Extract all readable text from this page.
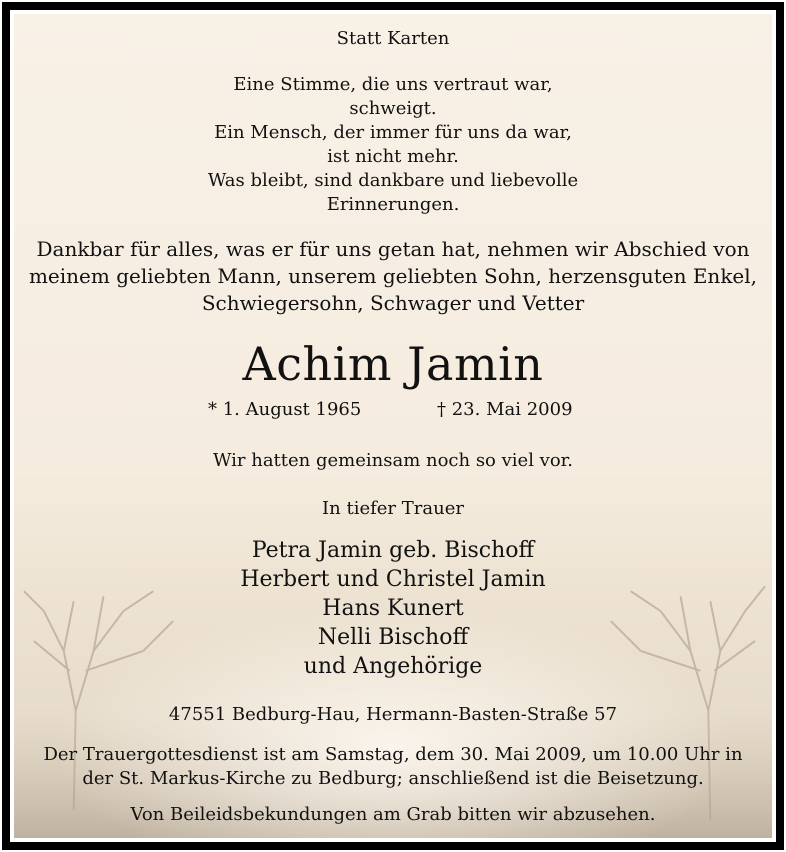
Statt Karten
Eine Stimme, die uns vertraut war,
schweigt.
Ein Mensch, der immer für uns da war,
ist nicht mehr.
Was bleibt, sind dankbare und liebevolle
Erinnerungen.
Dankbar für alles, was er für uns getan hat, nehmen wir Abschied von
meinem geliebten Mann, unserem geliebten Sohn, herzensguten Enkel,
Schwiegersohn, Schwager und Vetter
Achim Jamin
* 1. August 1965	† 23. Mai 2009
Wir hatten gemeinsam noch so viel vor.
In tiefer Trauer
Petra Jamin geb. Bischoff
Herbert und Christel Jamin
Hans Kunert
Nelli Bischoff
und Angehörige
47551 Bedburg-Hau, Hermann-Basten-Straße 57
Der Trauergottesdienst ist am Samstag, dem 30. Mai 2009, um 10.00 Uhr in
der St. Markus-Kirche zu Bedburg; anschließend ist die Beisetzung.
Von Beileidsbekundungen am Grab bitten wir abzusehen.
